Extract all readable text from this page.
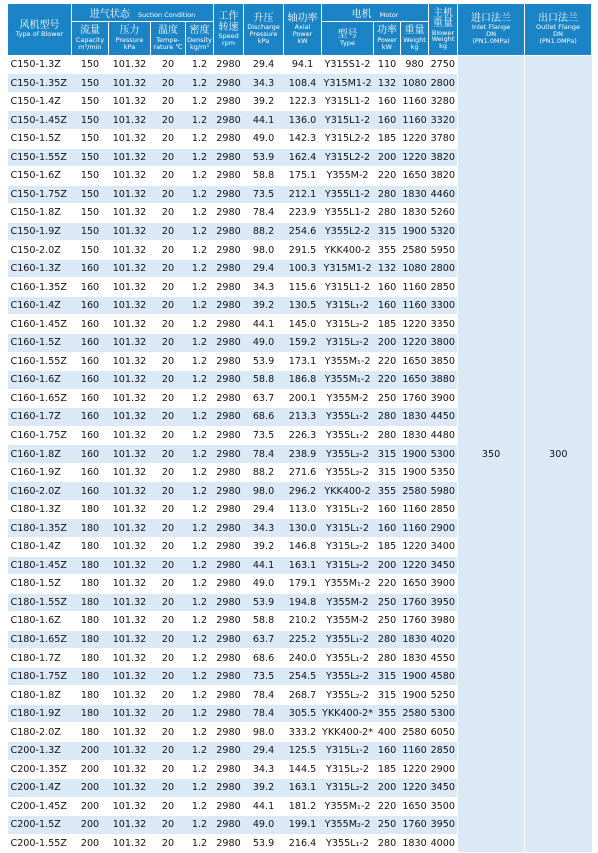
风机型号
Type of Blower	进气状态 Suction Condition				工作转速
Speed
rpm	升压
Discharge
Pressure
kPa	轴功率
Axial
Power
kW	电机 Motor			主机重量
Blower
Weight
kg	进口法兰
Inlet Flange
DN
(PN1.0MPa)	出口法兰
Outlet Flange
DN
(PN1.0MPa)

	流量
Capacity
m³/min	压力
Pressure
kPa	温度
Tempe-
rature ℃	密度
Density
kg/m³				型号
Type	功率
Power
kW	重量
Weight
kg			

C150-1.3Z	150	101.32	20	1.2	2980	29.4	94.1	Y315S1-2	110	980	2750	350	300
C150-1.35Z	150	101.32	20	1.2	2980	34.3	108.4	Y315M1-2	132	1080	2800		
C150-1.4Z	150	101.32	20	1.2	2980	39.2	122.3	Y315L1-2	160	1160	3280		
C150-1.45Z	150	101.32	20	1.2	2980	44.1	136.0	Y315L1-2	160	1160	3320		
C150-1.5Z	150	101.32	20	1.2	2980	49.0	142.3	Y315L2-2	185	1220	3780		
C150-1.55Z	150	101.32	20	1.2	2980	53.9	162.4	Y315L2-2	200	1220	3820		
C150-1.6Z	150	101.32	20	1.2	2980	58.8	175.1	Y355M-2	220	1650	3820		
C150-1.75Z	150	101.32	20	1.2	2980	73.5	212.1	Y355L1-2	280	1830	4460		
C150-1.8Z	150	101.32	20	1.2	2980	78.4	223.9	Y355L1-2	280	1830	5260		
C150-1.9Z	150	101.32	20	1.2	2980	88.2	254.6	Y355L2-2	315	1900	5320		
C150-2.0Z	150	101.32	20	1.2	2980	98.0	291.5	YKK400-2	355	2580	5950		
C160-1.3Z	160	101.32	20	1.2	2980	29.4	100.3	Y315M1-2	132	1080	2800		
C160-1.35Z	160	101.32	20	1.2	2980	34.3	115.6	Y315L1-2	160	1160	2850		
C160-1.4Z	160	101.32	20	1.2	2980	39.2	130.5	Y315L₁-2	160	1160	3300		
C160-1.45Z	160	101.32	20	1.2	2980	44.1	145.0	Y315L₂-2	185	1220	3350		
C160-1.5Z	160	101.32	20	1.2	2980	49.0	159.2	Y315L₂-2	200	1220	3800		
C160-1.55Z	160	101.32	20	1.2	2980	53.9	173.1	Y355M₁-2	220	1650	3850		
C160-1.6Z	160	101.32	20	1.2	2980	58.8	186.8	Y355M₁-2	220	1650	3880		
C160-1.65Z	160	101.32	20	1.2	2980	63.7	200.1	Y355M-2	250	1760	3900		
C160-1.7Z	160	101.32	20	1.2	2980	68.6	213.3	Y355L₁-2	280	1830	4450		
C160-1.75Z	160	101.32	20	1.2	2980	73.5	226.3	Y355L₁-2	280	1830	4480		
C160-1.8Z	160	101.32	20	1.2	2980	78.4	238.9	Y355L₂-2	315	1900	5300		
C160-1.9Z	160	101.32	20	1.2	2980	88.2	271.6	Y355L₂-2	315	1900	5350		
C160-2.0Z	160	101.32	20	1.2	2980	98.0	296.2	YKK400-2	355	2580	5980		
C180-1.3Z	180	101.32	20	1.2	2980	29.4	113.0	Y315L₁-2	160	1160	2850		
C180-1.35Z	180	101.32	20	1.2	2980	34.3	130.0	Y315L₁-2	160	1160	2900		
C180-1.4Z	180	101.32	20	1.2	2980	39.2	146.8	Y315L₂-2	185	1220	3400		
C180-1.45Z	180	101.32	20	1.2	2980	44.1	163.1	Y315L₂-2	200	1220	3450		
C180-1.5Z	180	101.32	20	1.2	2980	49.0	179.1	Y355M₁-2	220	1650	3900		
C180-1.55Z	180	101.32	20	1.2	2980	53.9	194.8	Y355M-2	250	1760	3950		
C180-1.6Z	180	101.32	20	1.2	2980	58.8	210.2	Y355M-2	250	1760	3980		
C180-1.65Z	180	101.32	20	1.2	2980	63.7	225.2	Y355L₁-2	280	1830	4020		
C180-1.7Z	180	101.32	20	1.2	2980	68.6	240.0	Y355L₁-2	280	1830	4550		
C180-1.75Z	180	101.32	20	1.2	2980	73.5	254.5	Y355L₂-2	315	1900	4580		
C180-1.8Z	180	101.32	20	1.2	2980	78.4	268.7	Y355L₂-2	315	1900	5250		
C180-1.9Z	180	101.32	20	1.2	2980	78.4	305.5	YKK400-2*	355	2580	5300		
C180-2.0Z	180	101.32	20	1.2	2980	98.0	333.2	YKK400-2*	400	2580	6050		
C200-1.3Z	200	101.32	20	1.2	2980	29.4	125.5	Y315L₁-2	160	1160	2850		
C200-1.35Z	200	101.32	20	1.2	2980	34.3	144.5	Y315L₂-2	185	1220	2900		
C200-1.4Z	200	101.32	20	1.2	2980	39.2	163.1	Y315L₂-2	200	1220	3450		
C200-1.45Z	200	101.32	20	1.2	2980	44.1	181.2	Y355M₁-2	220	1650	3500		
C200-1.5Z	200	101.32	20	1.2	2980	49.0	199.1	Y355M₂-2	250	1760	3950		
C200-1.55Z	200	101.32	20	1.2	2980	53.9	216.4	Y355L₁-2	280	1830	4000		
